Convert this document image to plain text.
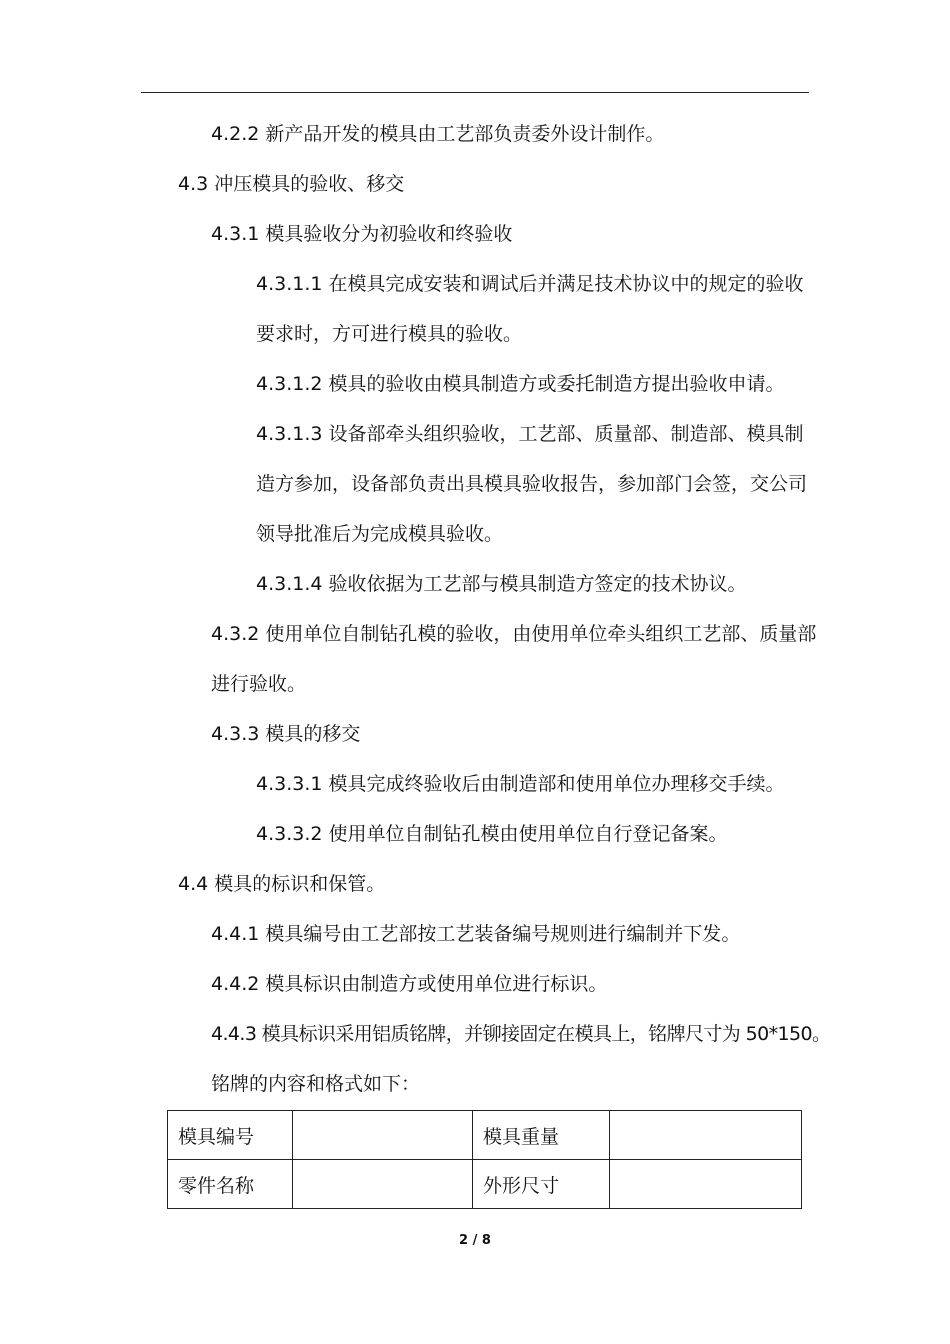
4.2.2 新产品开发的模具由工艺部负责委外设计制作。
4.3 冲压模具的验收、移交
4.3.1 模具验收分为初验收和终验收
4.3.1.1 在模具完成安装和调试后并满足技术协议中的规定的验收
要求时，方可进行模具的验收。
4.3.1.2 模具的验收由模具制造方或委托制造方提出验收申请。
4.3.1.3 设备部牵头组织验收，工艺部、质量部、制造部、模具制
造方参加，设备部负责出具模具验收报告，参加部门会签，交公司
领导批准后为完成模具验收。
4.3.1.4 验收依据为工艺部与模具制造方签定的技术协议。
4.3.2 使用单位自制钻孔模的验收，由使用单位牵头组织工艺部、质量部
进行验收。
4.3.3 模具的移交
4.3.3.1 模具完成终验收后由制造部和使用单位办理移交手续。
4.3.3.2 使用单位自制钻孔模由使用单位自行登记备案。
4.4 模具的标识和保管。
4.4.1 模具编号由工艺部按工艺装备编号规则进行编制并下发。
4.4.2 模具标识由制造方或使用单位进行标识。
4.4.3 模具标识采用铝质铭牌，并铆接固定在模具上，铭牌尺寸为 50*150。
铭牌的内容和格式如下：
模具编号		模具重量	
零件名称		外形尺寸	
2 / 8
